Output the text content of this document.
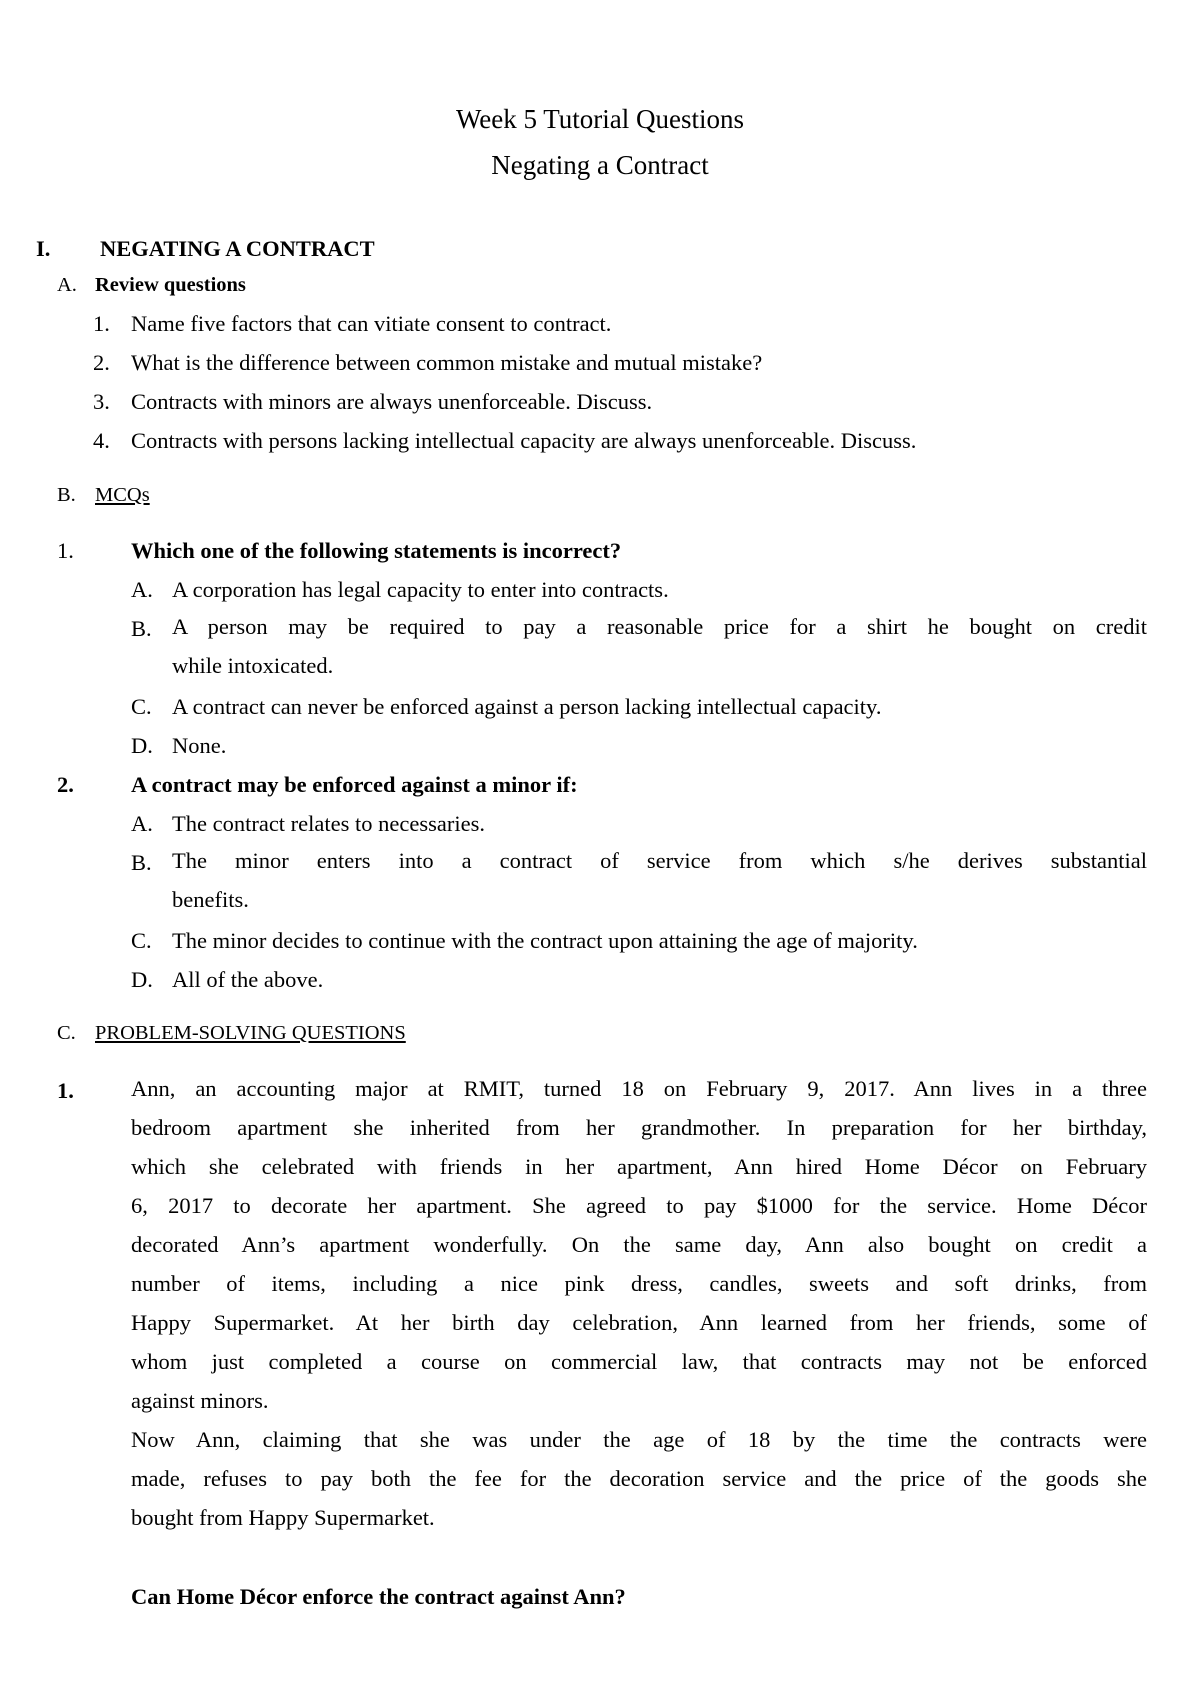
Week 5 Tutorial Questions
Negating a Contract
I. NEGATING A CONTRACT
A. Review questions
1. Name five factors that can vitiate consent to contract.
2. What is the difference between common mistake and mutual mistake?
3. Contracts with minors are always unenforceable. Discuss.
4. Contracts with persons lacking intellectual capacity are always unenforceable. Discuss.
B. MCQs
1.	Which one of the following statements is incorrect?
A. A corporation has legal capacity to enter into contracts.
B. A person may be required to pay a reasonable price for a shirt he bought on credit
while intoxicated.
C. A contract can never be enforced against a person lacking intellectual capacity.
D. None.
2.	A contract may be enforced against a minor if:
A. The contract relates to necessaries.
B. The minor enters into a contract of service from which s/he derives substantial
benefits.
C. The minor decides to continue with the contract upon attaining the age of majority.
D. All of the above.
C. PROBLEM-SOLVING QUESTIONS
1.	Ann, an accounting major at RMIT, turned 18 on February 9, 2017. Ann lives in a three
bedroom apartment she inherited from her grandmother. In preparation for her birthday,
which she celebrated with friends in her apartment, Ann hired Home Décor on February
6, 2017 to decorate her apartment. She agreed to pay $1000 for the service. Home Décor
decorated Ann’s apartment wonderfully. On the same day, Ann also bought on credit a
number of items, including a nice pink dress, candles, sweets and soft drinks, from
Happy Supermarket. At her birth day celebration, Ann learned from her friends, some of
whom just completed a course on commercial law, that contracts may not be enforced
against minors.
Now Ann, claiming that she was under the age of 18 by the time the contracts were
made, refuses to pay both the fee for the decoration service and the price of the goods she
bought from Happy Supermarket.
Can Home Décor enforce the contract against Ann?
